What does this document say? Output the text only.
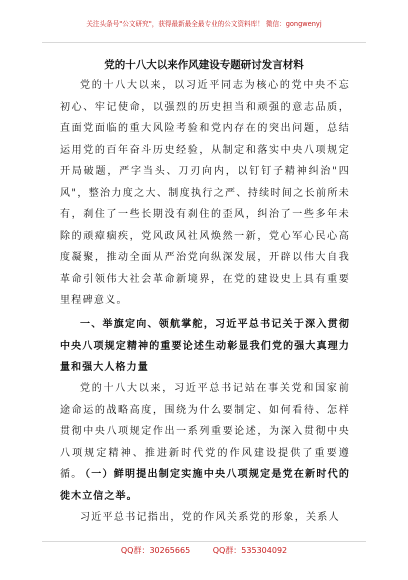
关注头条号"公文研究"，获得最新最全最专业的公文资料库！ 微信：gongwenyj
党的十八大以来作风建设专题研讨发言材料
党的十八大以来，以习近平同志为核心的党中央不忘初心、牢记使命，以强烈的历史担当和顽强的意志品质，直面党面临的重大风险考验和党内存在的突出问题，总结运用党的百年奋斗历史经验，从制定和落实中央八项规定开局破题，严字当头、刀刃向内，以钉钉子精神纠治"四风"，整治力度之大、制度执行之严、持续时间之长前所未有，刹住了一些长期没有刹住的歪风，纠治了一些多年未除的顽瘴痼疾，党风政风社风焕然一新，党心军心民心高度凝聚，推动全面从严治党向纵深发展，开辟以伟大自我革命引领伟大社会革命新境界，在党的建设史上具有重要里程碑意义。
一、举旗定向、领航掌舵，习近平总书记关于深入贯彻中央八项规定精神的重要论述生动彰显我们党的强大真理力量和强大人格力量
党的十八大以来，习近平总书记站在事关党和国家前途命运的战略高度，围绕为什么要制定、如何看待、怎样贯彻中央八项规定作出一系列重要论述，为深入贯彻中央八项规定精神、推进新时代党的作风建设提供了重要遵循。
（一）鲜明提出制定实施中央八项规定是党在新时代的徙木立信之举。
习近平总书记指出，党的作风关系党的形象，关系人
QQ群：30265665	QQ群：535304092
